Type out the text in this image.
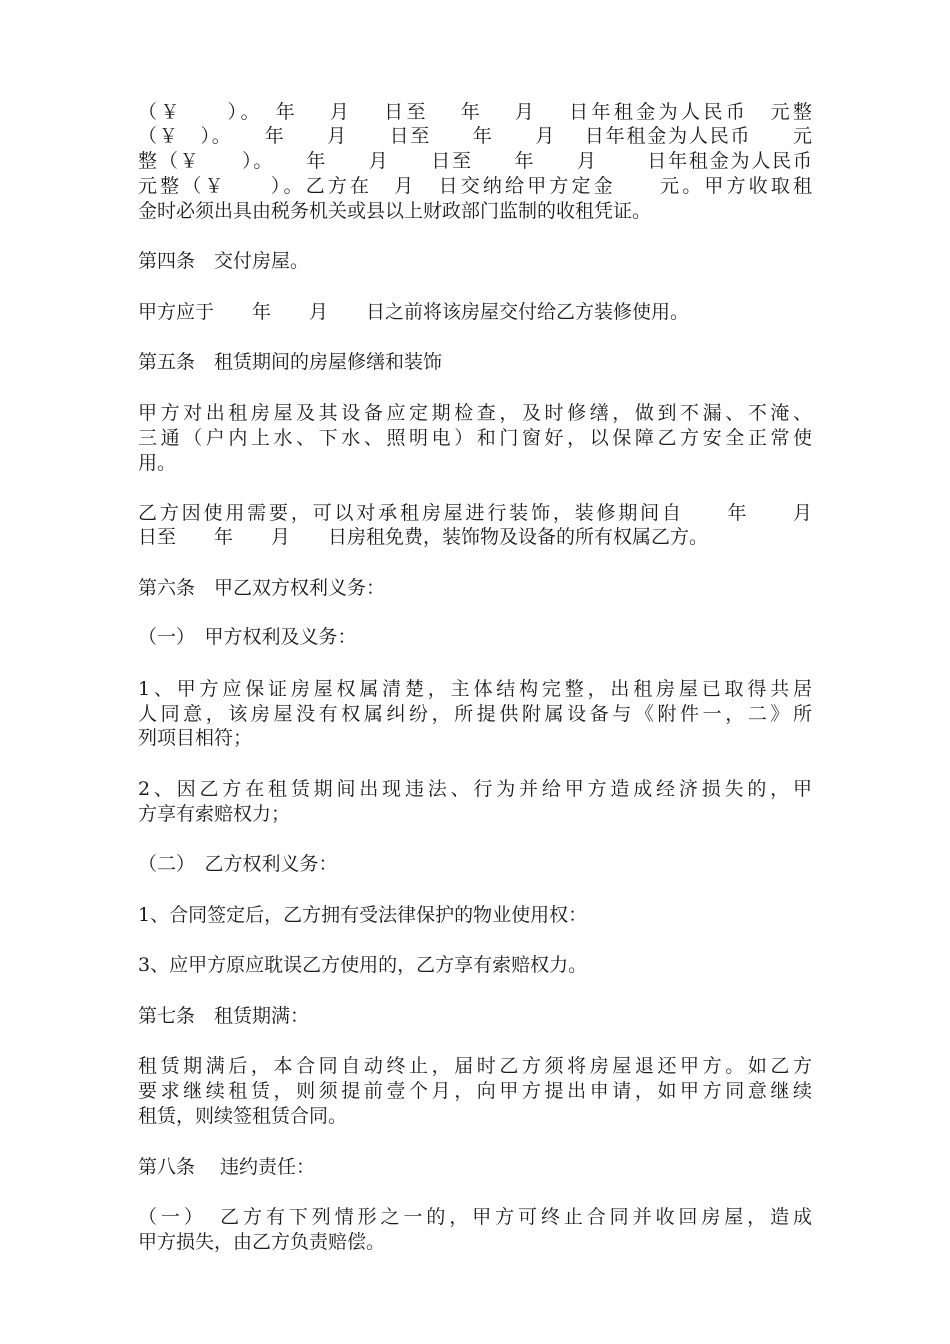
（￥　　）。　年　 月　 日至　 年　 月　 日年租金为人民币　元整
（￥　）。　　年　　月　　日至　　年　　月　 日年租金为人民币　　元
整（￥　　）。　　年　　月　　日至　　年　　月　　 日年租金为人民币
元整（￥　　）。乙方在　月　日交纳给甲方定金　　元。甲方收取租
金时必须出具由税务机关或县以上财政部门监制的收租凭证。
第四条　交付房屋。
甲方应于　　年　　月　　日之前将该房屋交付给乙方装修使用。
第五条　租赁期间的房屋修缮和装饰
甲方对出租房屋及其设备应定期检查，及时修缮，做到不漏、不淹、
三通（户内上水、下水、照明电）和门窗好，以保障乙方安全正常使
用。
乙方因使用需要，可以对承租房屋进行装饰，装修期间自　　年　　月
日至　　年　　月　　日房租免费，装饰物及设备的所有权属乙方。
第六条　甲乙双方权利义务：
（一）　甲方权利及义务：
1、甲方应保证房屋权属清楚，主体结构完整，出租房屋已取得共居
人同意，该房屋没有权属纠纷，所提供附属设备与《附件一，二》所
列项目相符；
2、因乙方在租赁期间出现违法、行为并给甲方造成经济损失的，甲
方享有索赔权力；
（二）　乙方权利义务：
1、合同签定后，乙方拥有受法律保护的物业使用权：
3、应甲方原应耽误乙方使用的，乙方享有索赔权力。
第七条　租赁期满：
租赁期满后，本合同自动终止，届时乙方须将房屋退还甲方。如乙方
要求继续租赁，则须提前壹个月，向甲方提出申请，如甲方同意继续
租赁，则续签租赁合同。
第八条　 违约责任：
（一）　乙方有下列情形之一的，甲方可终止合同并收回房屋，造成
甲方损失，由乙方负责赔偿。
